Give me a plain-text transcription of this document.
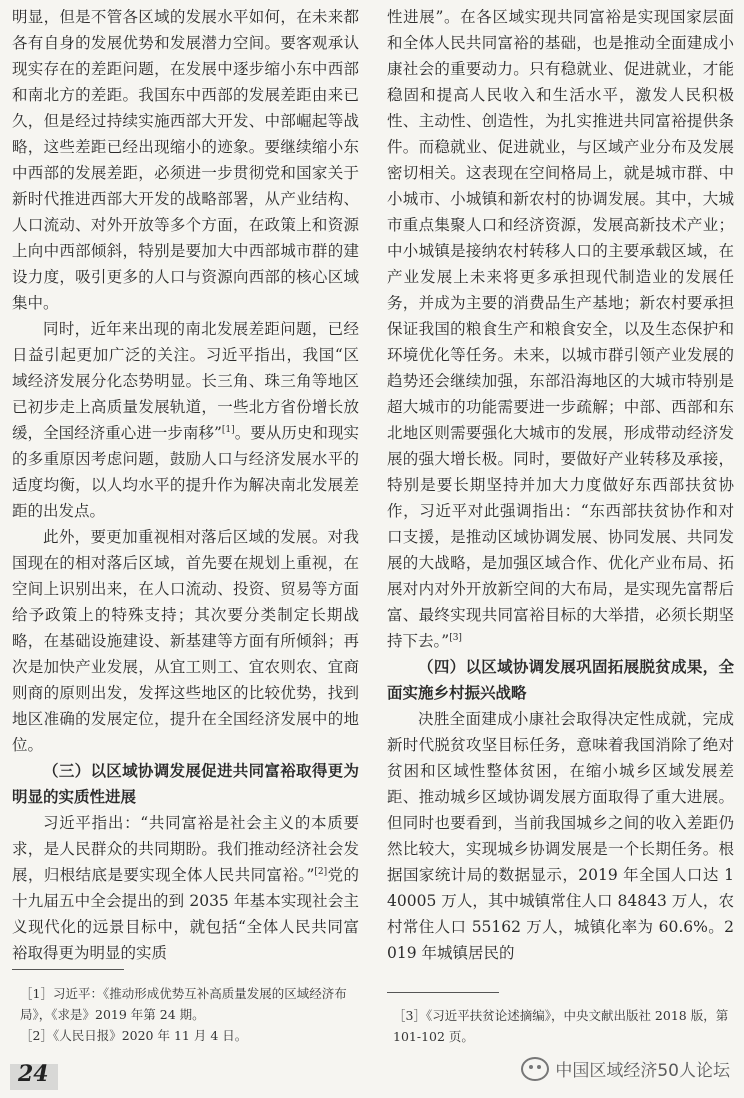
明显，但是不管各区域的发展水平如何，在未来都各有自身的发展优势和发展潜力空间。要客观承认现实存在的差距问题，在发展中逐步缩小东中西部和南北方的差距。我国东中西部的发展差距由来已久，但是经过持续实施西部大开发、中部崛起等战略，这些差距已经出现缩小的迹象。要继续缩小东中西部的发展差距，必须进一步贯彻党和国家关于新时代推进西部大开发的战略部署，从产业结构、人口流动、对外开放等多个方面，在政策上和资源上向中西部倾斜，特别是要加大中西部城市群的建设力度，吸引更多的人口与资源向西部的核心区域集中。

同时，近年来出现的南北发展差距问题，已经日益引起更加广泛的关注。习近平指出，我国“区域经济发展分化态势明显。长三角、珠三角等地区已初步走上高质量发展轨道，一些北方省份增长放缓，全国经济重心进一步南移”[1]。要从历史和现实的多重原因考虑问题，鼓励人口与经济发展水平的适度均衡，以人均水平的提升作为解决南北发展差距的出发点。

此外，要更加重视相对落后区域的发展。对我国现在的相对落后区域，首先要在规划上重视，在空间上识别出来，在人口流动、投资、贸易等方面给予政策上的特殊支持；其次要分类制定长期战略，在基础设施建设、新基建等方面有所倾斜；再次是加快产业发展，从宜工则工、宜农则农、宜商则商的原则出发，发挥这些地区的比较优势，找到地区准确的发展定位，提升在全国经济发展中的地位。

（三）以区域协调发展促进共同富裕取得更为明显的实质性进展

习近平指出：“共同富裕是社会主义的本质要求，是人民群众的共同期盼。我们推动经济社会发展，归根结底是要实现全体人民共同富裕。”[2]党的十九届五中全会提出的到 2035 年基本实现社会主义现代化的远景目标中，就包括“全体人民共同富裕取得更为明显的实质

性进展”。在各区域实现共同富裕是实现国家层面和全体人民共同富裕的基础，也是推动全面建成小康社会的重要动力。只有稳就业、促进就业，才能稳固和提高人民收入和生活水平，激发人民积极性、主动性、创造性，为扎实推进共同富裕提供条件。而稳就业、促进就业，与区域产业分布及发展密切相关。这表现在空间格局上，就是城市群、中小城市、小城镇和新农村的协调发展。其中，大城市重点集聚人口和经济资源，发展高新技术产业；中小城镇是接纳农村转移人口的主要承载区域，在产业发展上未来将更多承担现代制造业的发展任务，并成为主要的消费品生产基地；新农村要承担保证我国的粮食生产和粮食安全，以及生态保护和环境优化等任务。未来，以城市群引领产业发展的趋势还会继续加强，东部沿海地区的大城市特别是超大城市的功能需要进一步疏解；中部、西部和东北地区则需要强化大城市的发展，形成带动经济发展的强大增长极。同时，要做好产业转移及承接，特别是要长期坚持并加大力度做好东西部扶贫协作，习近平对此强调指出：“东西部扶贫协作和对口支援，是推动区域协调发展、协同发展、共同发展的大战略，是加强区域合作、优化产业布局、拓展对内对外开放新空间的大布局，是实现先富帮后富、最终实现共同富裕目标的大举措，必须长期坚持下去。”[3]

（四）以区域协调发展巩固拓展脱贫成果，全面实施乡村振兴战略

决胜全面建成小康社会取得决定性成就，完成新时代脱贫攻坚目标任务，意味着我国消除了绝对贫困和区域性整体贫困，在缩小城乡区域发展差距、推动城乡区域协调发展方面取得了重大进展。但同时也要看到，当前我国城乡之间的收入差距仍然比较大，实现城乡协调发展是一个长期任务。根据国家统计局的数据显示，2019 年全国人口达 140005 万人，其中城镇常住人口 84843 万人，农村常住人口 55162 万人，城镇化率为 60.6%。2019 年城镇居民的

［1］习近平：《推动形成优势互补高质量发展的区域经济布局》，《求是》2019 年第 24 期。

［2］《人民日报》2020 年 11 月 4 日。

［3］《习近平扶贫论述摘编》，中央文献出版社 2018 版，第 101-102 页。

24	中国区域经济50人论坛
